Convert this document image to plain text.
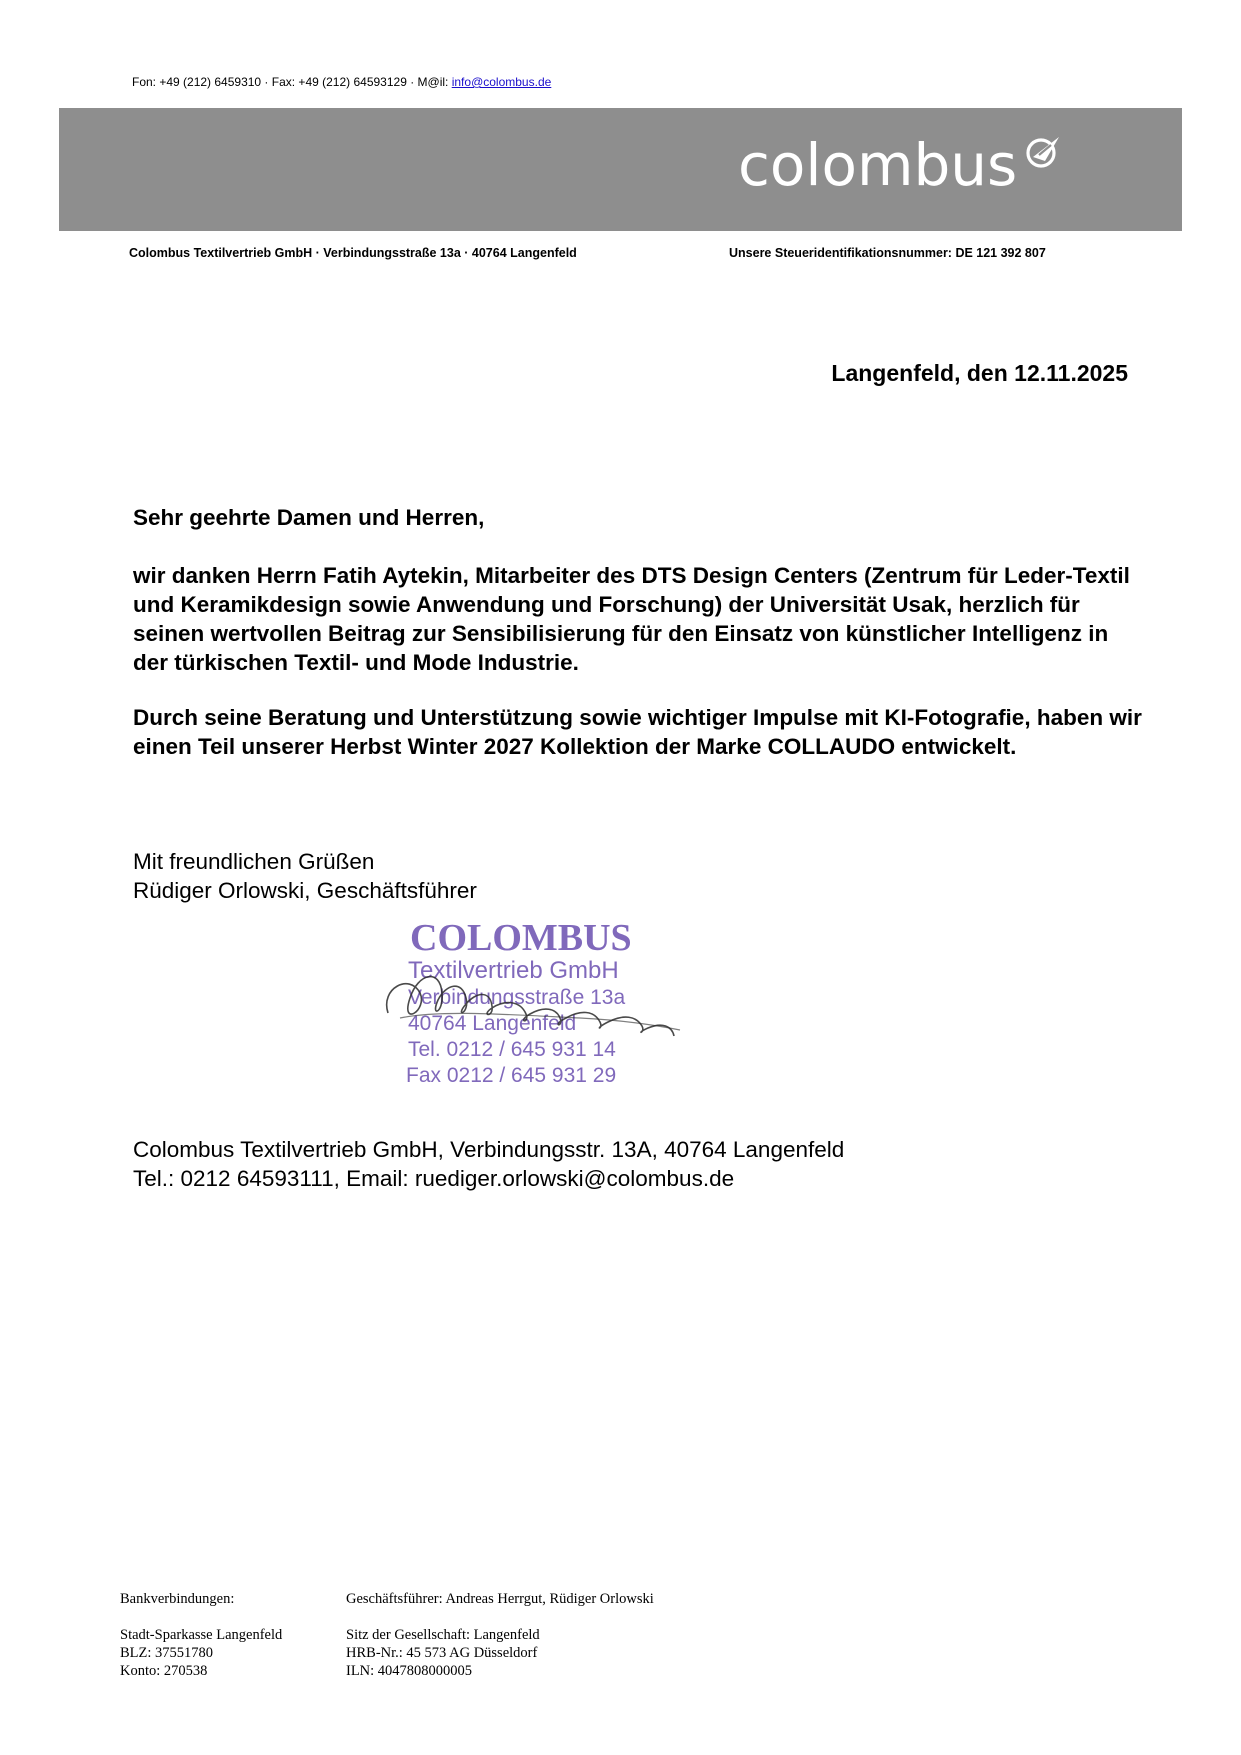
Fon: +49 (212) 6459310 · Fax: +49 (212) 64593129 · M@il: info@colombus.de
colombus
Colombus Textilvertrieb GmbH · Verbindungsstraße 13a · 40764 Langenfeld	Unsere Steueridentifikationsnummer: DE 121 392 807
Langenfeld, den 12.11.2025
Sehr geehrte Damen und Herren,
wir danken Herrn Fatih Aytekin, Mitarbeiter des DTS Design Centers (Zentrum für Leder-Textil und Keramikdesign sowie Anwendung und Forschung) der Universität Usak, herzlich für seinen wertvollen Beitrag zur Sensibilisierung für den Einsatz von künstlicher Intelligenz in der türkischen Textil- und Mode Industrie.
Durch seine Beratung und Unterstützung sowie wichtiger Impulse mit KI-Fotografie, haben wir einen Teil unserer Herbst Winter 2027 Kollektion der Marke COLLAUDO entwickelt.
Mit freundlichen Grüßen
Rüdiger Orlowski, Geschäftsführer
COLOMBUS
Textilvertrieb GmbH
Verbindungsstraße 13a
40764 Langenfeld
Tel. 0212 / 645 931 14
Fax 0212 / 645 931 29
Colombus Textilvertrieb GmbH, Verbindungsstr. 13A, 40764 Langenfeld
Tel.: 0212 64593111, Email: ruediger.orlowski@colombus.de
Bankverbindungen:
Stadt-Sparkasse Langenfeld
BLZ: 37551780
Konto: 270538
Geschäftsführer: Andreas Herrgut, Rüdiger Orlowski
Sitz der Gesellschaft: Langenfeld
HRB-Nr.: 45 573 AG Düsseldorf
ILN: 4047808000005
